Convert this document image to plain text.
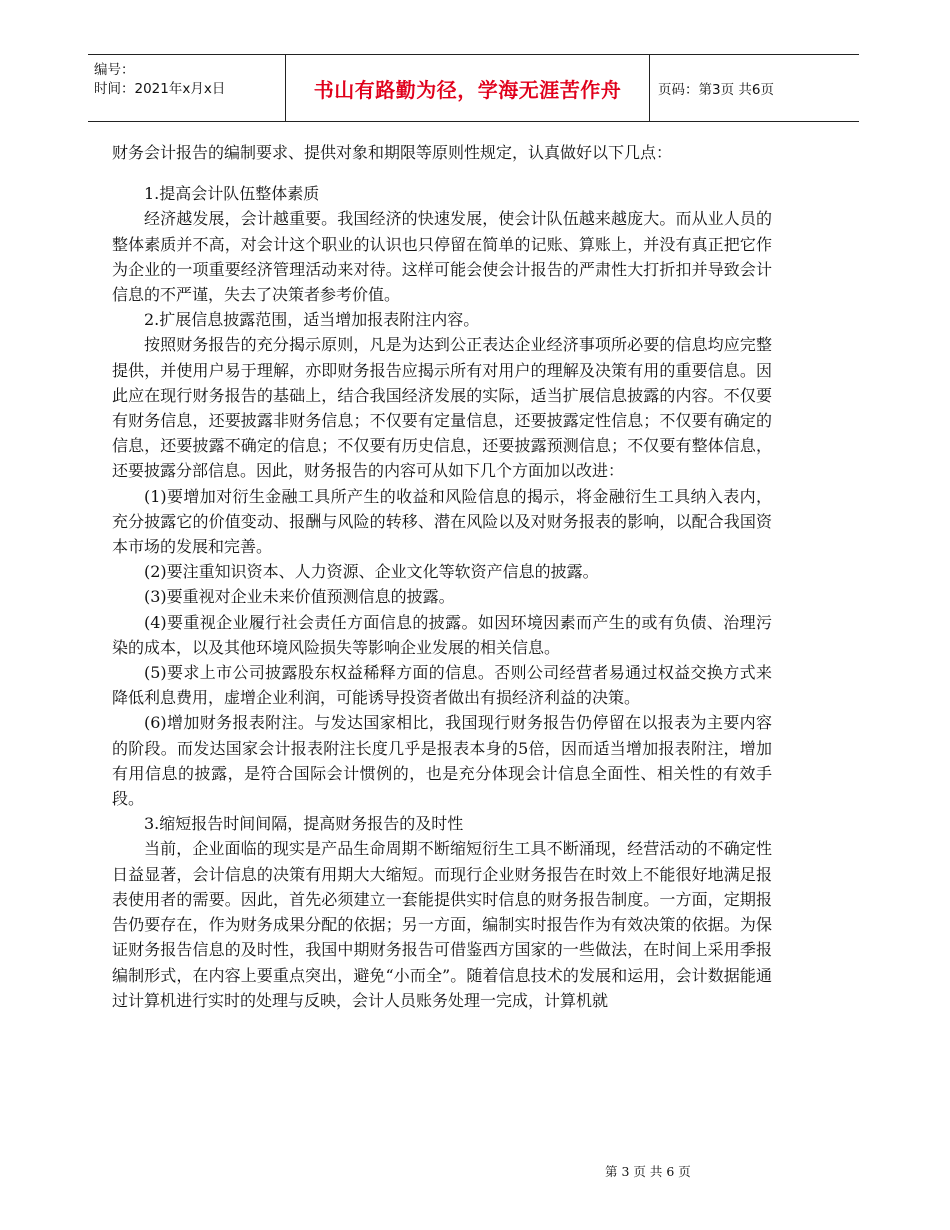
编号：
时间：2021年x月x日	书山有路勤为径，学海无涯苦作舟	页码：第3页 共6页

财务会计报告的编制要求、提供对象和期限等原则性规定，认真做好以下几点：

1.提高会计队伍整体素质

经济越发展，会计越重要。我国经济的快速发展，使会计队伍越来越庞大。而从业人员的整体素质并不高，对会计这个职业的认识也只停留在简单的记账、算账上，并没有真正把它作为企业的一项重要经济管理活动来对待。这样可能会使会计报告的严肃性大打折扣并导致会计信息的不严谨，失去了决策者参考价值。

2.扩展信息披露范围，适当增加报表附注内容。

按照财务报告的充分揭示原则，凡是为达到公正表达企业经济事项所必要的信息均应完整提供，并使用户易于理解，亦即财务报告应揭示所有对用户的理解及决策有用的重要信息。因此应在现行财务报告的基础上，结合我国经济发展的实际，适当扩展信息披露的内容。不仅要有财务信息，还要披露非财务信息；不仅要有定量信息，还要披露定性信息；不仅要有确定的信息，还要披露不确定的信息；不仅要有历史信息，还要披露预测信息；不仅要有整体信息，还要披露分部信息。因此，财务报告的内容可从如下几个方面加以改进：

(1)要增加对衍生金融工具所产生的收益和风险信息的揭示，将金融衍生工具纳入表内，充分披露它的价值变动、报酬与风险的转移、潜在风险以及对财务报表的影响，以配合我国资本市场的发展和完善。

(2)要注重知识资本、人力资源、企业文化等软资产信息的披露。

(3)要重视对企业未来价值预测信息的披露。

(4)要重视企业履行社会责任方面信息的披露。如因环境因素而产生的或有负债、治理污染的成本，以及其他环境风险损失等影响企业发展的相关信息。

(5)要求上市公司披露股东权益稀释方面的信息。否则公司经营者易通过权益交换方式来降低利息费用，虚增企业利润，可能诱导投资者做出有损经济利益的决策。

(6)增加财务报表附注。与发达国家相比，我国现行财务报告仍停留在以报表为主要内容的阶段。而发达国家会计报表附注长度几乎是报表本身的5倍，因而适当增加报表附注，增加有用信息的披露，是符合国际会计惯例的，也是充分体现会计信息全面性、相关性的有效手段。

3.缩短报告时间间隔，提高财务报告的及时性

当前，企业面临的现实是产品生命周期不断缩短衍生工具不断涌现，经营活动的不确定性日益显著，会计信息的决策有用期大大缩短。而现行企业财务报告在时效上不能很好地满足报表使用者的需要。因此，首先必须建立一套能提供实时信息的财务报告制度。一方面，定期报告仍要存在，作为财务成果分配的依据；另一方面，编制实时报告作为有效决策的依据。为保证财务报告信息的及时性，我国中期财务报告可借鉴西方国家的一些做法，在时间上采用季报编制形式，在内容上要重点突出，避免“小而全”。随着信息技术的发展和运用，会计数据能通过计算机进行实时的处理与反映，会计人员账务处理一完成，计算机就

第 3 页 共 6 页
